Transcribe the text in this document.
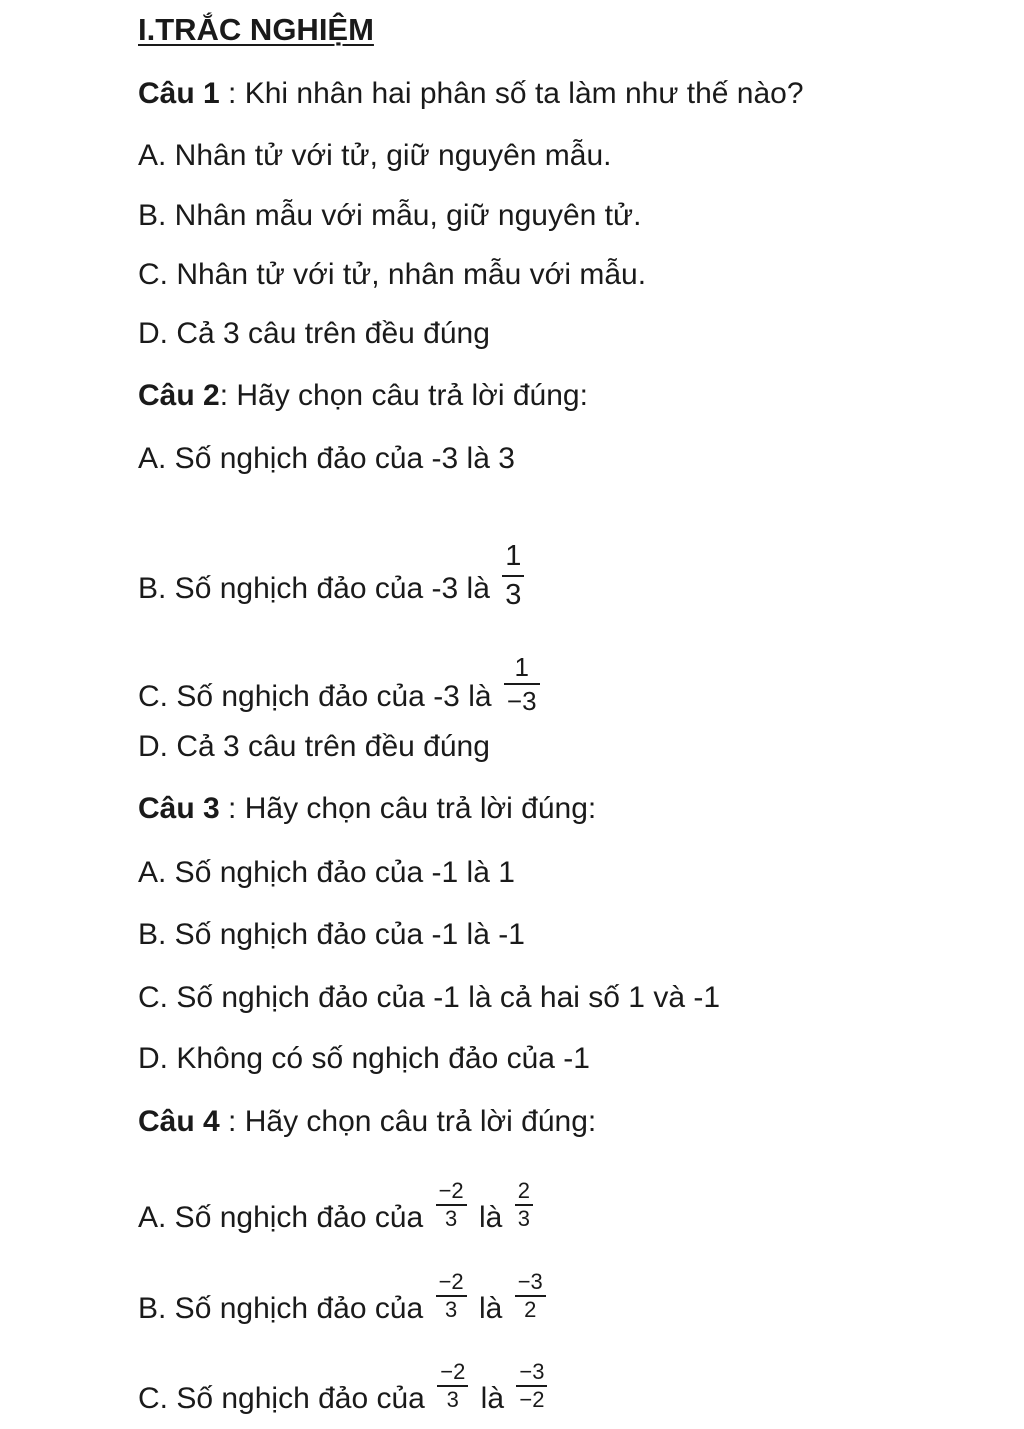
I.TRẮC NGHIỆM
Câu 1 : Khi nhân hai phân số ta làm như thế nào?
A. Nhân tử với tử, giữ nguyên mẫu.
B. Nhân mẫu với mẫu, giữ nguyên tử.
C. Nhân tử với tử, nhân mẫu với mẫu.
D. Cả 3 câu trên đều đúng
Câu 2: Hãy chọn câu trả lời đúng:
A. Số nghịch đảo của -3 là 3
B. Số nghịch đảo của -3 là $\frac{1}{3}$
C. Số nghịch đảo của -3 là $\frac{1}{-3}$
D. Cả 3 câu trên đều đúng
Câu 3 : Hãy chọn câu trả lời đúng:
A. Số nghịch đảo của -1 là 1
B. Số nghịch đảo của -1 là -1
C. Số nghịch đảo của -1 là cả hai số 1 và -1
D. Không có số nghịch đảo của -1
Câu 4 : Hãy chọn câu trả lời đúng:
A. Số nghịch đảo của $\frac{-2}{3}$ là $\frac{2}{3}$
B. Số nghịch đảo của $\frac{-2}{3}$ là $\frac{-3}{2}$
C. Số nghịch đảo của $\frac{-2}{3}$ là $\frac{-3}{-2}$
